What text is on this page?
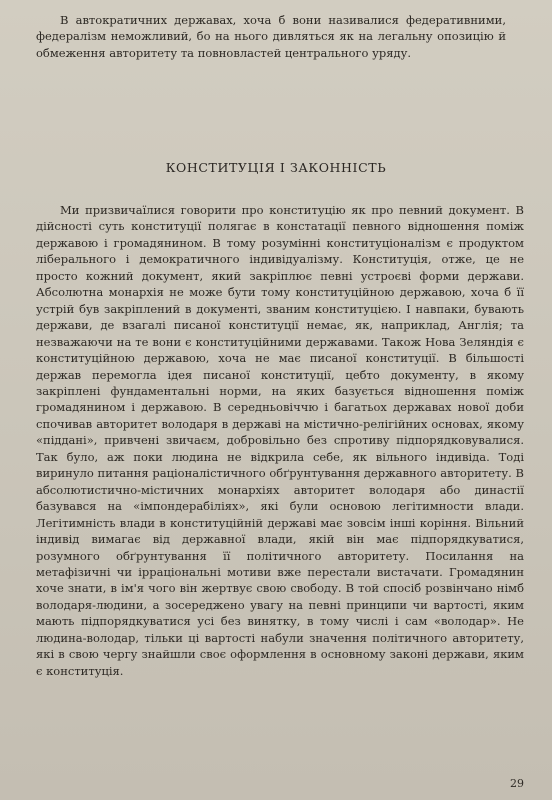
В автократичних державах, хоча б вони називалися федеративними, федералізм неможливий, бо на нього дивляться як на легальну опозицію й обмеження авторитету та повновластей центрального уряду.

КОНСТИТУЦІЯ І ЗАКОННІСТЬ

Ми призвичаїлися говорити про конституцію як про певний документ. В дійсності суть конституції полягає в констатації певного відношення поміж державою і громадянином. В тому розумінні конституціоналізм є продуктом ліберального і демократичного індивідуалізму. Конституція, отже, це не просто кожний документ, який закріплює певні устроєві форми держави. Абсолютна монархія не може бути тому конституційною державою, хоча б її устрій був закріплений в документі, званим конституцією. І навпаки, бувають держави, де взагалі писаної конституції немає, як, наприклад, Англія; та незважаючи на те вони є конституційними державами. Також Нова Зеляндія є конституційною державою, хоча не має писаної конституції. В більшості держав перемогла ідея писаної конституції, цебто документу, в якому закріплені фундаментальні норми, на яких базується відношення поміж громадянином і державою. В середньовіччю і багатьох державах нової доби спочивав авторитет володаря в державі на містично-релігійних основах, якому «піддані», привчені звичаєм, добровільно без спротиву підпорядковувалися. Так було, аж поки людина не відкрила себе, як вільного індивіда. Тоді виринуло питання раціоналістичного обґрунтування державного авторитету. В абсолютистично-містичних монархіях авторитет володаря або династії базувався на «імпондерабіліях», які були основою легітимности влади. Легітимність влади в конституційній державі має зовсім інші коріння. Вільний індивід вимагає від державної влади, якій він має підпорядкуватися, розумного обґрунтування її політичного авторитету. Посилання на метафізичні чи ірраціональні мотиви вже перестали вистачати. Громадянин хоче знати, в ім'я чого він жертвує свою свободу. В той спосіб розвінчано німб володаря-людини, а зосереджено увагу на певні принципи чи вартості, яким мають підпорядкуватися усі без винятку, в тому числі і сам «володар». Не людина-володар, тільки ці вартості набули значення політичного авторитету, які в свою чергу знайшли своє оформлення в основному законі держави, яким є конституція.

29
